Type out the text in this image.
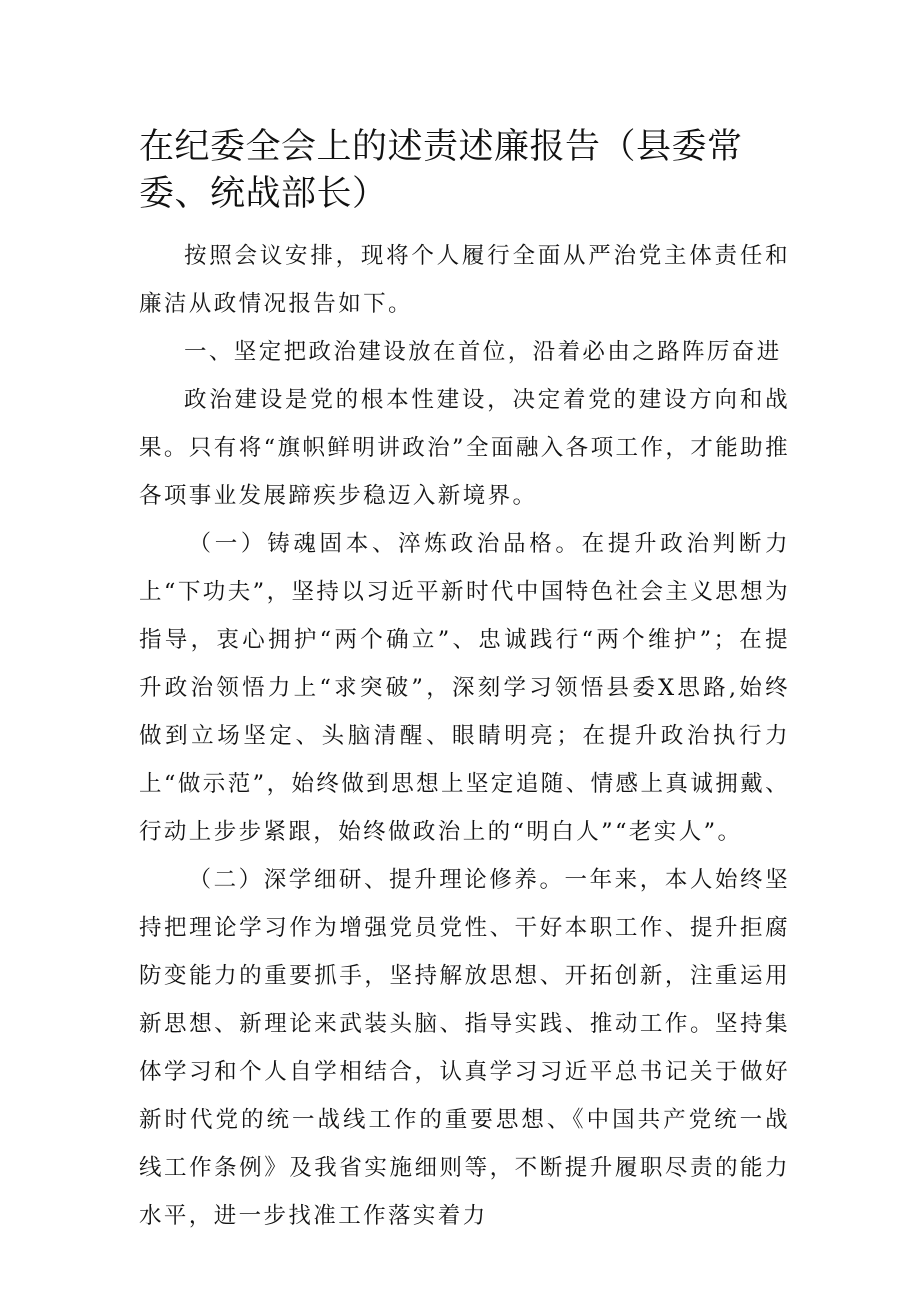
在纪委全会上的述责述廉报告（县委常委、统战部长）

按照会议安排，现将个人履行全面从严治党主体责任和廉洁从政情况报告如下。

一、坚定把政治建设放在首位，沿着必由之路阵厉奋进

政治建设是党的根本性建设，决定着党的建设方向和战果。只有将“旗帜鲜明讲政治”全面融入各项工作，才能助推各项事业发展蹄疾步稳迈入新境界。

（一）铸魂固本、淬炼政治品格。在提升政治判断力上“下功夫”，坚持以习近平新时代中国特色社会主义思想为指导，衷心拥护“两个确立”、忠诚践行“两个维护”；在提升政治领悟力上“求突破”，深刻学习领悟县委X思路,始终做到立场坚定、头脑清醒、眼睛明亮；在提升政治执行力上“做示范”，始终做到思想上坚定追随、情感上真诚拥戴、行动上步步紧跟，始终做政治上的“明白人”“老实人”。

（二）深学细研、提升理论修养。一年来，本人始终坚持把理论学习作为增强党员党性、干好本职工作、提升拒腐防变能力的重要抓手，坚持解放思想、开拓创新，注重运用新思想、新理论来武装头脑、指导实践、推动工作。坚持集体学习和个人自学相结合，认真学习习近平总书记关于做好新时代党的统一战线工作的重要思想、《中国共产党统一战线工作条例》及我省实施细则等，不断提升履职尽责的能力水平，进一步找准工作落实着力
